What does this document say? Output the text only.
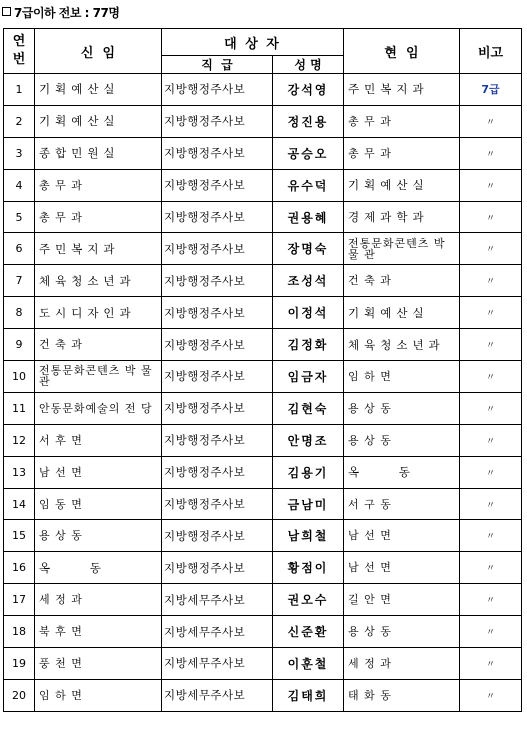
7급이하 전보 : 77명
연
번	신  임	대 상 자		현  임	비고
		직  급	성 명		
1	기획예산실	지방행정주사보	강석영	주민복지과	7급
2	기획예산실	지방행정주사보	정진용	총 무 과	〃
3	종합민원실	지방행정주사보	공승오	총 무 과	〃
4	총 무 과	지방행정주사보	유수덕	기획예산실	〃
5	총 무 과	지방행정주사보	권용혜	경제과학과	〃
6	주민복지과	지방행정주사보	장명숙	전통문화콘텐츠 박 물 관	〃
7	체육청소년과	지방행정주사보	조성석	건 축 과	〃
8	도시디자인과	지방행정주사보	이정석	기획예산실	〃
9	건 축 과	지방행정주사보	김정화	체육청소년과	〃
10	전통문화콘텐츠 박 물 관	지방행정주사보	임금자	임 하 면	〃
11	안동문화예술의 전 당	지방행정주사보	김현숙	용 상 동	〃
12	서 후 면	지방행정주사보	안명조	용 상 동	〃
13	남 선 면	지방행정주사보	김용기	옥    동	〃
14	임 동 면	지방행정주사보	금남미	서 구 동	〃
15	용 상 동	지방행정주사보	남희철	남 선 면	〃
16	옥    동	지방행정주사보	황점이	남 선 면	〃
17	세 정 과	지방세무주사보	권오수	길 안 면	〃
18	북 후 면	지방세무주사보	신준환	용 상 동	〃
19	풍 천 면	지방세무주사보	이훈철	세 정 과	〃
20	임 하 면	지방세무주사보	김태희	태 화 동	〃
